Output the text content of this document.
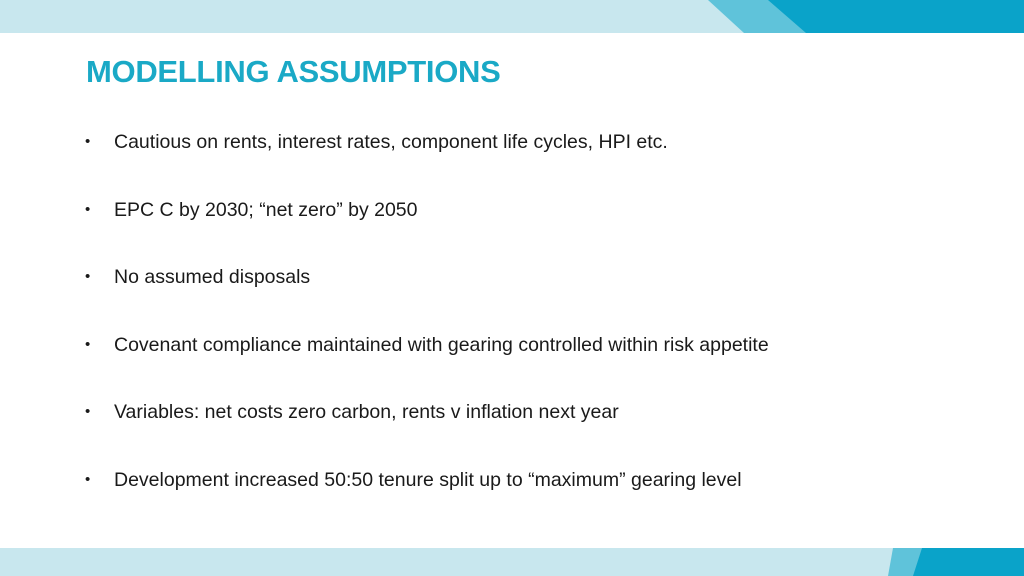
MODELLING ASSUMPTIONS
• Cautious on rents, interest rates, component life cycles, HPI etc.
• EPC C by 2030; “net zero” by 2050
• No assumed disposals
• Covenant compliance maintained with gearing controlled within risk appetite
• Variables: net costs zero carbon, rents v inflation next year
• Development increased 50:50 tenure split up to “maximum” gearing level
